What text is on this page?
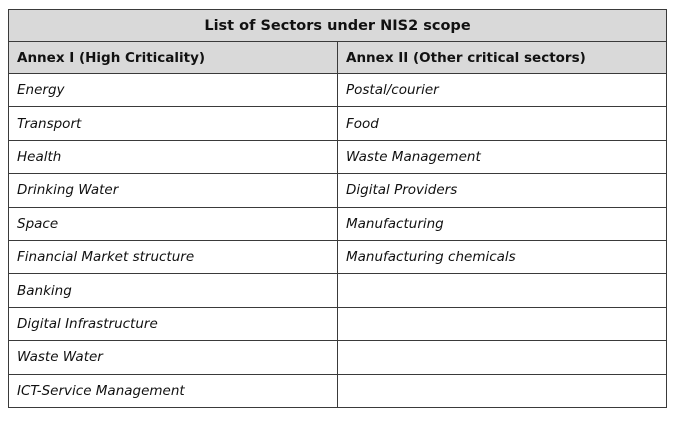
List of Sectors under NIS2 scope	
Annex I (High Criticality)	Annex II (Other critical sectors)
Energy	Postal/courier
Transport	Food
Health	Waste Management
Drinking Water	Digital Providers
Space	Manufacturing
Financial Market structure	Manufacturing chemicals
Banking	
Digital Infrastructure	
Waste Water	
ICT-Service Management	
